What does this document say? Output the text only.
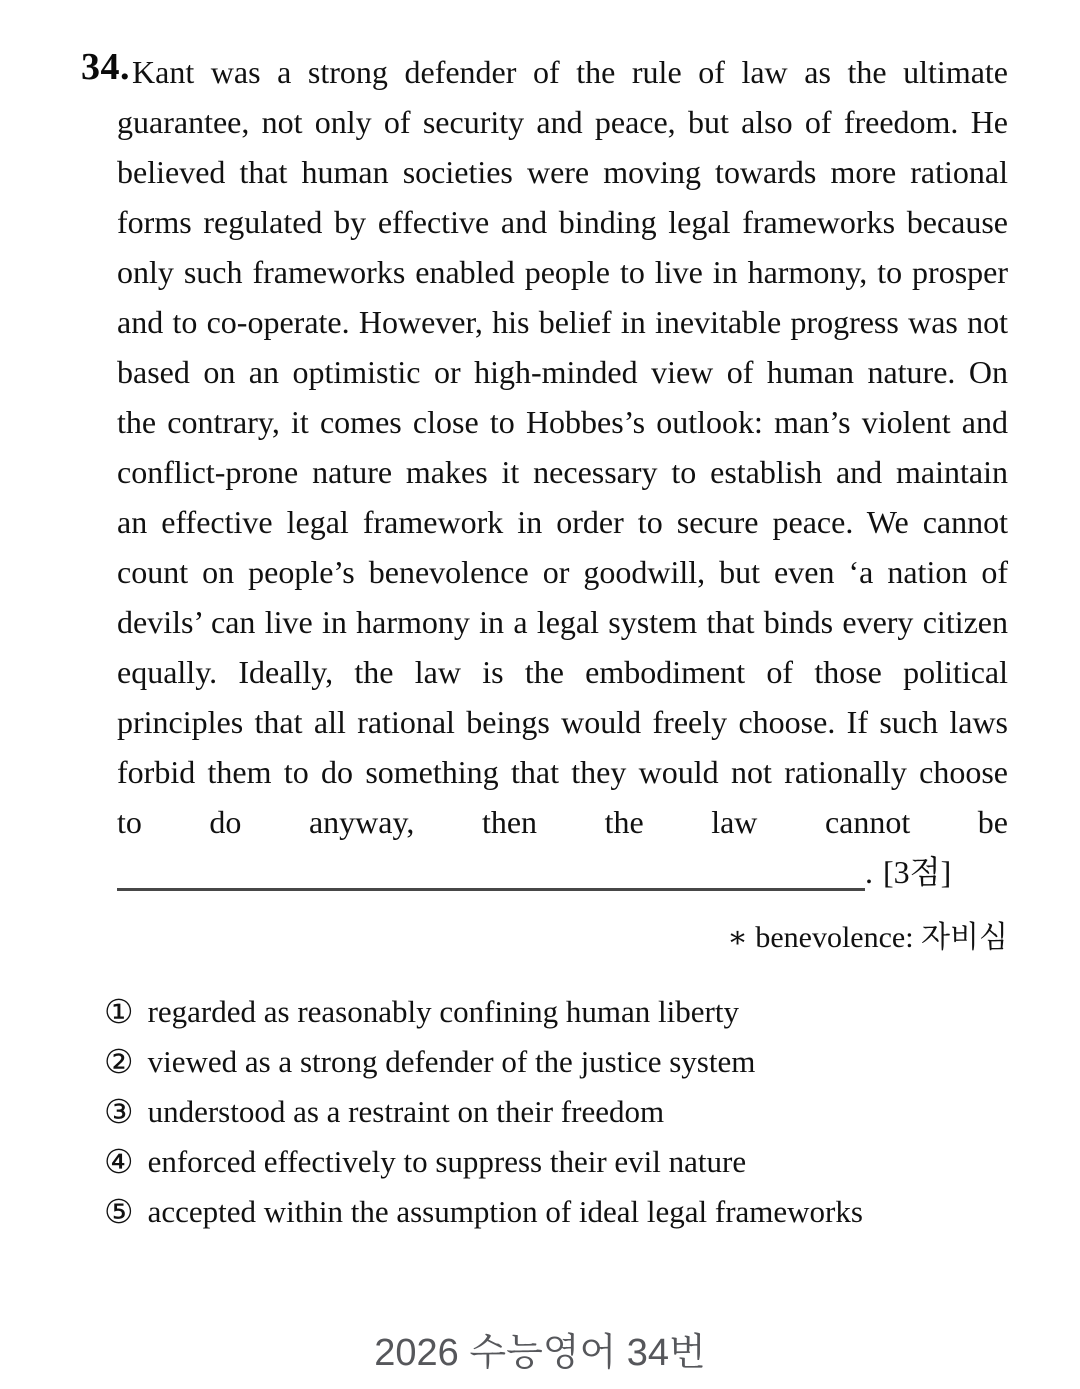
34. Kant was a strong defender of the rule of law as the ultimate guarantee, not only of security and peace, but also of freedom. He believed that human societies were moving towards more rational forms regulated by effective and binding legal frameworks because only such frameworks enabled people to live in harmony, to prosper and to co-operate. However, his belief in inevitable progress was not based on an optimistic or high-minded view of human nature. On the contrary, it comes close to Hobbes’s outlook: man’s violent and conflict-prone nature makes it necessary to establish and maintain an effective legal framework in order to secure peace. We cannot count on people’s benevolence or goodwill, but even ‘a nation of devils’ can live in harmony in a legal system that binds every citizen equally. Ideally, the law is the embodiment of those political principles that all rational beings would freely choose. If such laws forbid them to do something that they would not rationally choose to do anyway, then the law cannot be . [3점]

∗ benevolence: 자비심
① regarded as reasonably confining human liberty
② viewed as a strong defender of the justice system
③ understood as a restraint on their freedom
④ enforced effectively to suppress their evil nature
⑤ accepted within the assumption of ideal legal frameworks
2026 수능영어 34번
